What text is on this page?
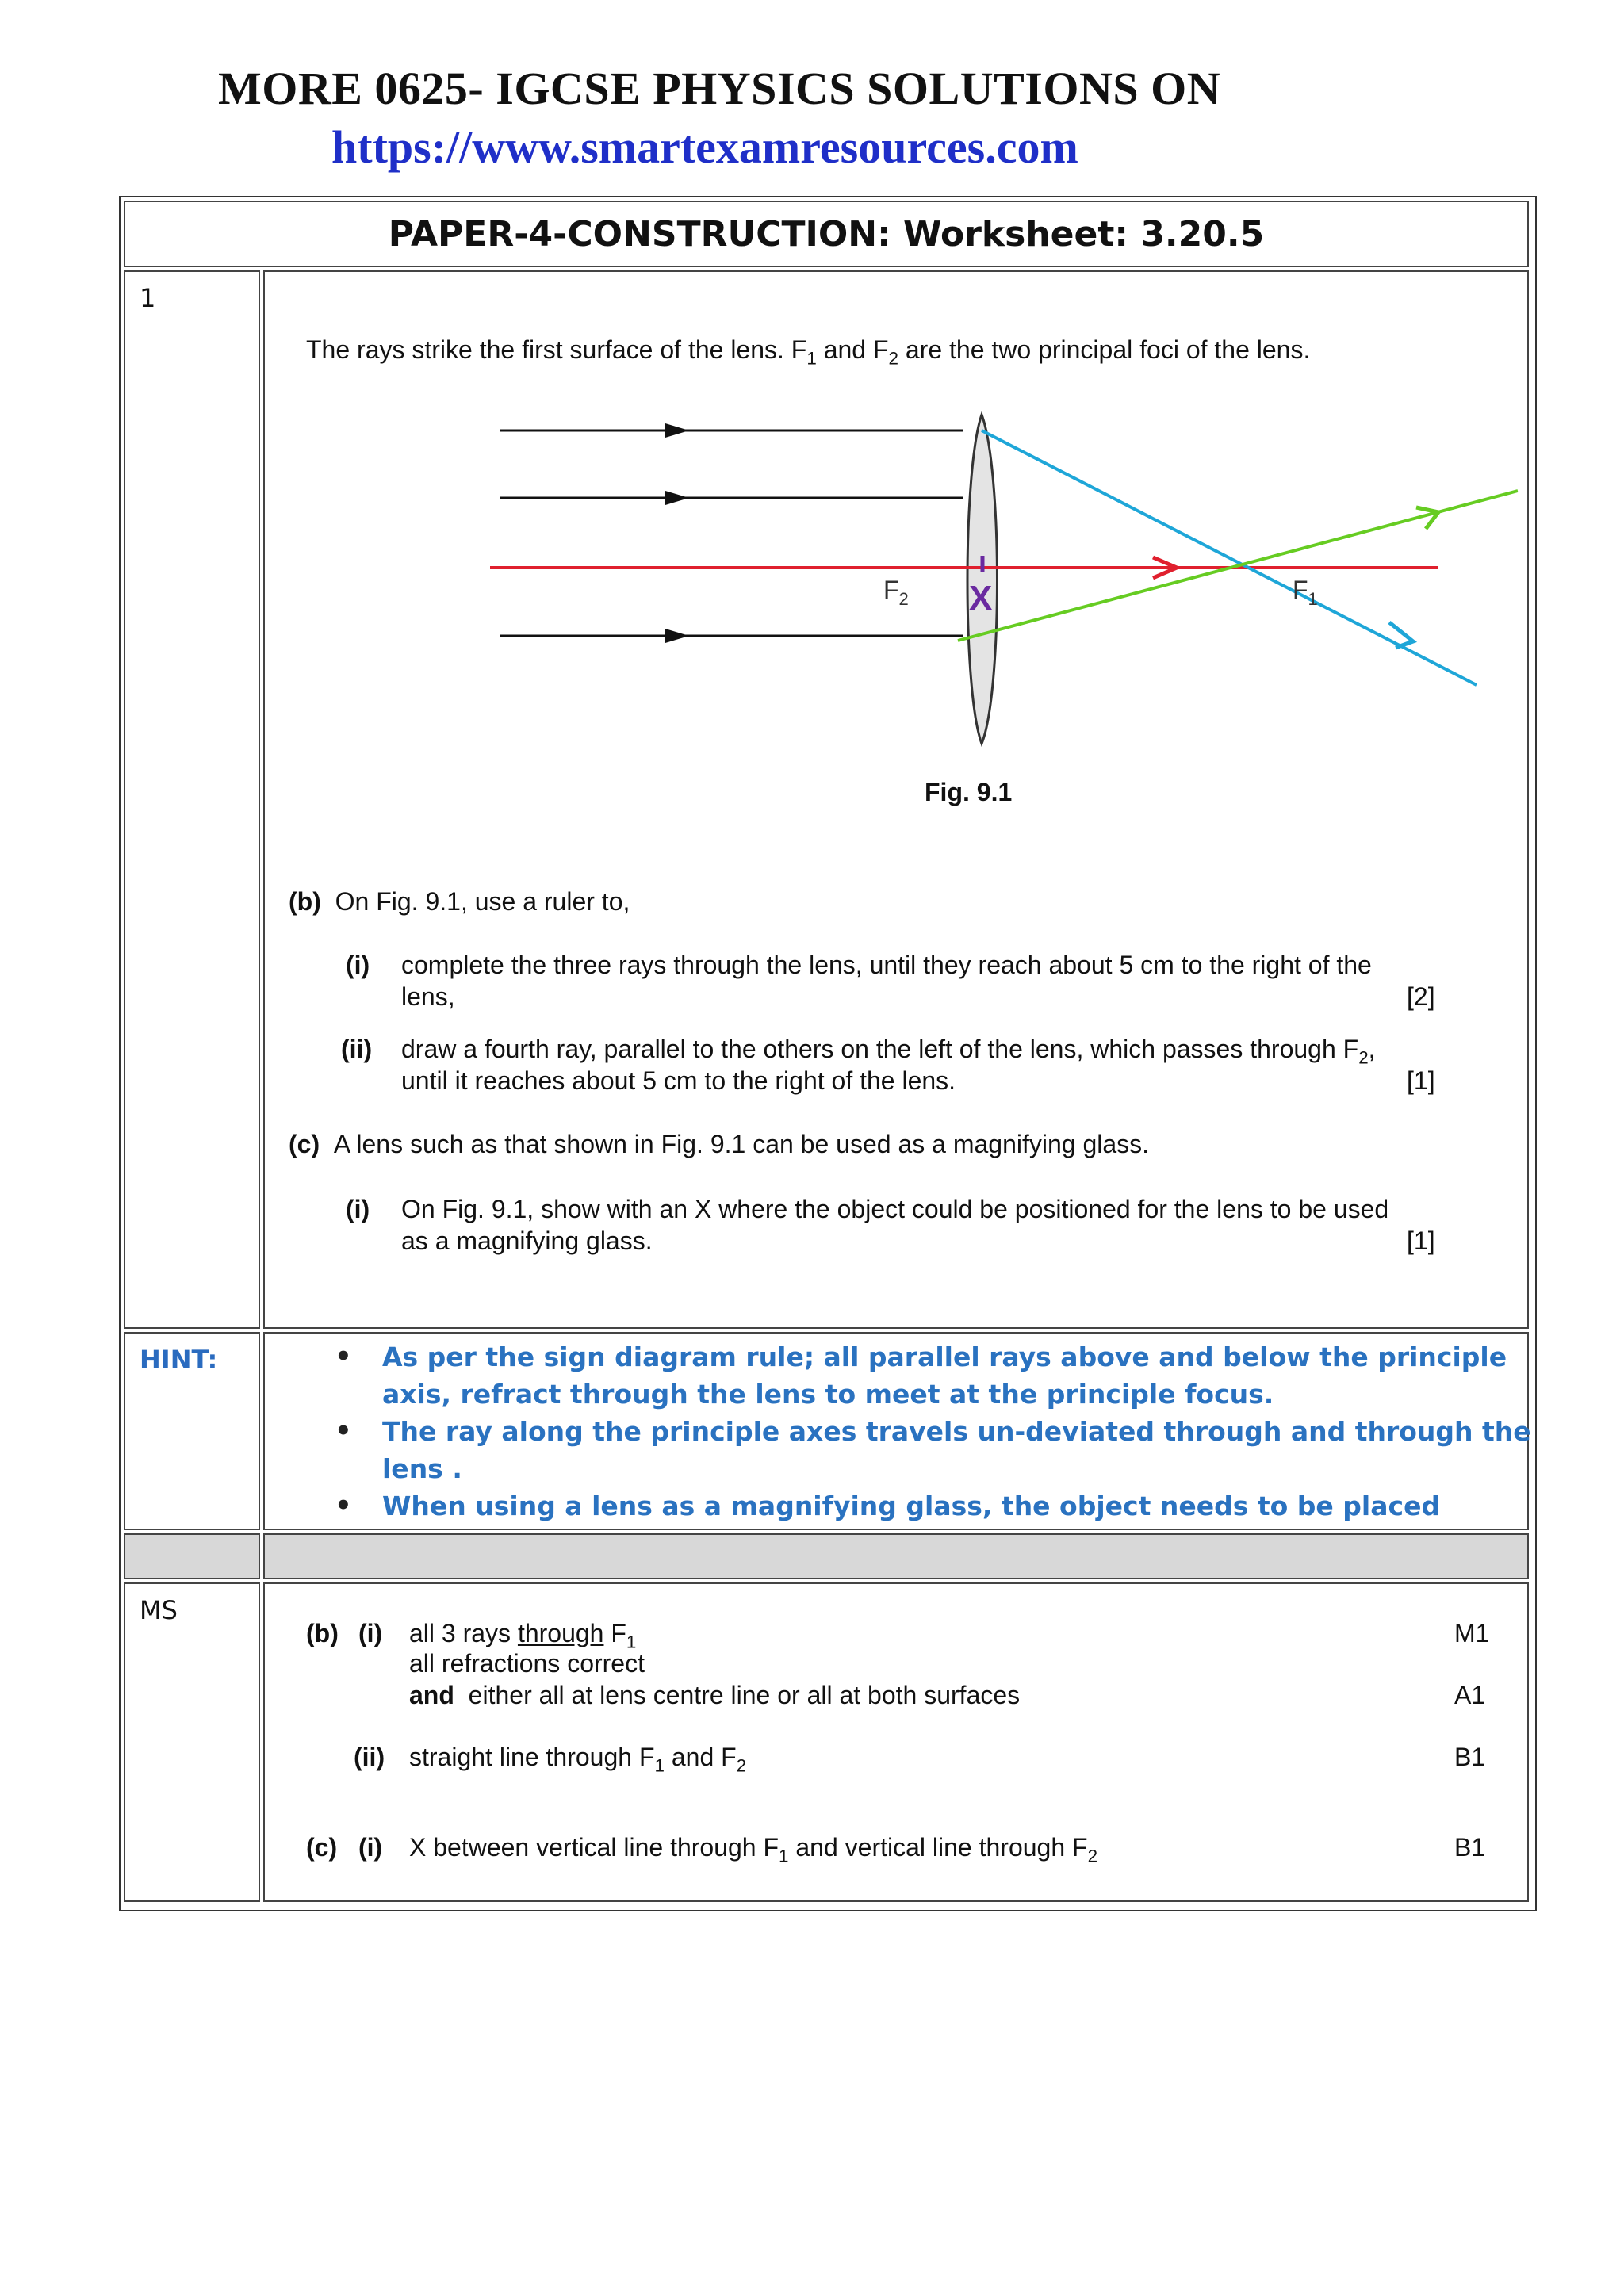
MORE 0625- IGCSE PHYSICS SOLUTIONS ON
https://www.smartexamresources.com
PAPER-4-CONSTRUCTION: Worksheet: 3.20.5
1
The rays strike the first surface of the lens. $F_1$ and $F_2$ are the two principal foci of the lens.
$F_2$ X	$F_1$
Fig. 9.1
(b) On Fig. 9.1, use a ruler to,
(i) complete the three rays through the lens, until they reach about 5 cm to the right of the
lens,	[2]
(ii) draw a fourth ray, parallel to the others on the left of the lens, which passes through $F_2$,
until it reaches about 5 cm to the right of the lens.	[1]
(c) A lens such as that shown in Fig. 9.1 can be used as a magnifying glass.
(i) On Fig. 9.1, show with an X where the object could be positioned for the lens to be used
as a magnifying glass.	[1]
HINT:
•	As per the sign diagram rule; all parallel rays above and below the principle axis, refract through the lens to meet at the principle focus.
• The ray along the principle axes travels un-deviated through and through the lens .
• When using a lens as a magnifying glass, the object needs to be placed
MS
(b) (i) all 3 rays through $F_1$	M1
all refractions correct
and  either all at lens centre line or all at both surfaces	A1
(ii) straight line through $F_1$ and $F_2$	B1
(c) (i) X between vertical line through $F_1$ and vertical line through $F_2$	B1
